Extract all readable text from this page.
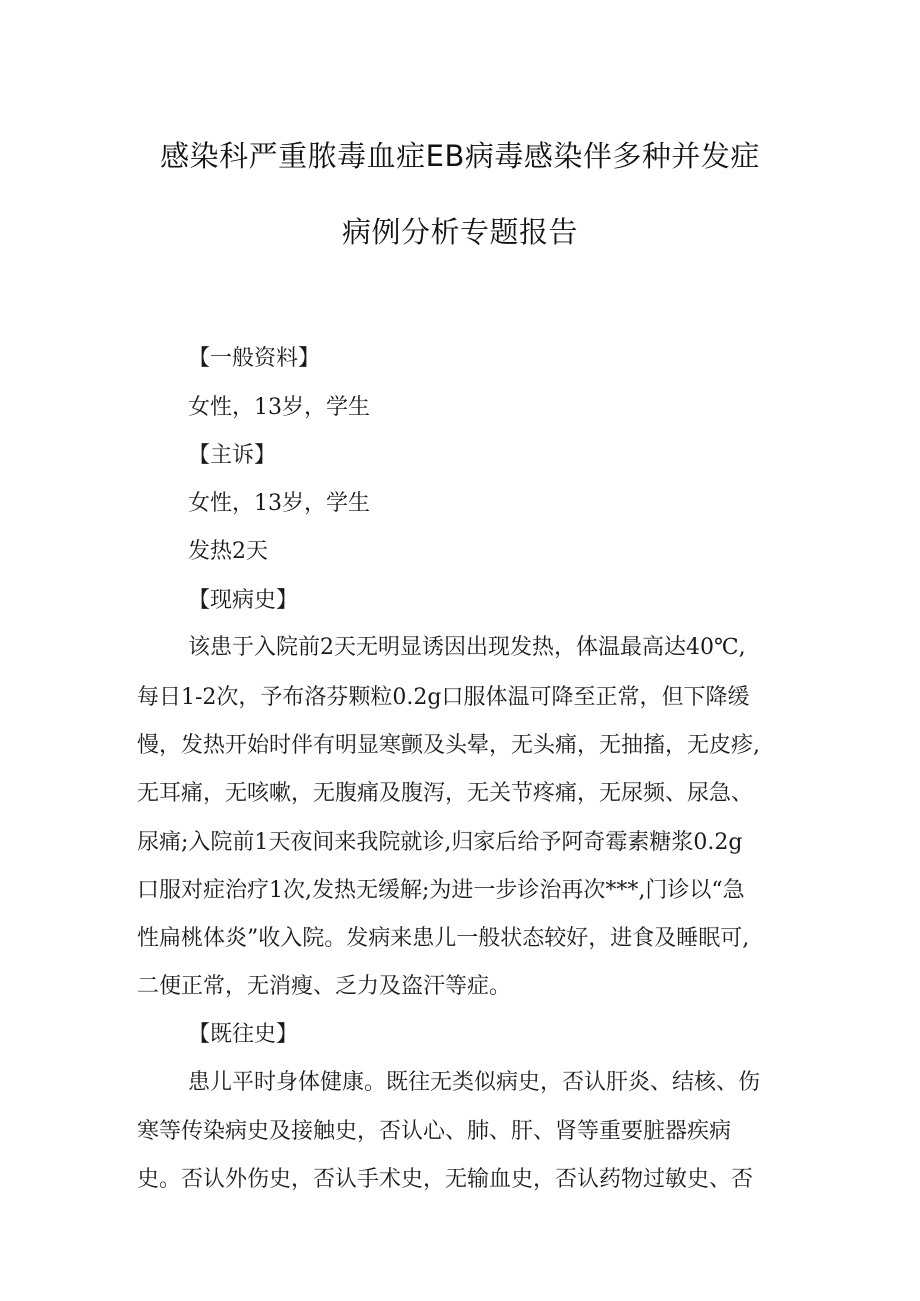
感染科严重脓毒血症EB病毒感染伴多种并发症
病例分析专题报告
【一般资料】
女性，13岁，学生
【主诉】
女性，13岁，学生
发热2天
【现病史】
该患于入院前2天无明显诱因出现发热，体温最高达40℃,
每日1-2次，予布洛芬颗粒0.2g口服体温可降至正常，但下降缓
慢，发热开始时伴有明显寒颤及头晕，无头痛，无抽搐，无皮疹,
无耳痛，无咳嗽，无腹痛及腹泻，无关节疼痛，无尿频、尿急、
尿痛;入院前1天夜间来我院就诊,归家后给予阿奇霉素糖浆0.2g
口服对症治疗1次,发热无缓解;为进一步诊治再次***,门诊以“急
性扁桃体炎”收入院。发病来患儿一般状态较好，进食及睡眠可,
二便正常，无消瘦、乏力及盗汗等症。
【既往史】
患儿平时身体健康。既往无类似病史，否认肝炎、结核、伤
寒等传染病史及接触史，否认心、肺、肝、肾等重要脏器疾病
史。否认外伤史，否认手术史，无输血史，否认药物过敏史、否
